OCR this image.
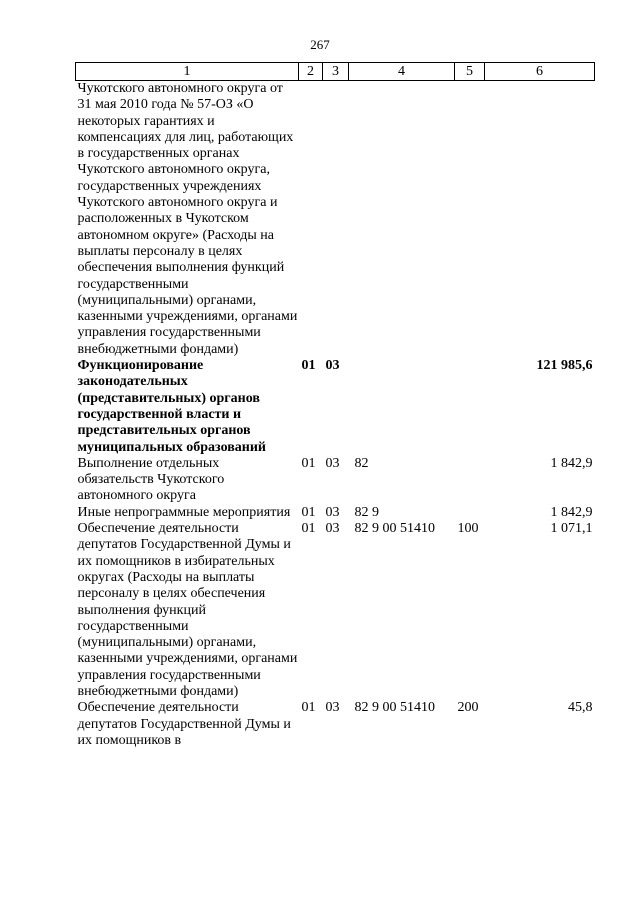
267
1	2	3	4	5	6
Чукотского автономного округа от 31 мая 2010 года № 57-ОЗ «О некоторых гарантиях и компенсациях для лиц, работающих в государственных органах Чукотского автономного округа, государственных учреждениях Чукотского автономного округа и расположенных в Чукотском автономном округе» (Расходы на выплаты персоналу в целях обеспечения выполнения функций государственными (муниципальными) органами, казенными учреждениями, органами управления государственными внебюджетными фондами)					
Функционирование законодательных (представительных) органов государственной власти и представительных органов муниципальных образований	01	03			121 985,6
Выполнение отдельных обязательств Чукотского автономного округа	01	03	82		1 842,9
Иные непрограммные мероприятия	01	03	82 9		1 842,9
Обеспечение деятельности депутатов Государственной Думы и их помощников в избирательных округах (Расходы на выплаты персоналу в целях обеспечения выполнения функций государственными (муниципальными) органами, казенными учреждениями, органами управления государственными внебюджетными фондами)	01	03	82 9 00 51410	100	1 071,1
Обеспечение деятельности депутатов Государственной Думы и их помощников в	01	03	82 9 00 51410	200	45,8
